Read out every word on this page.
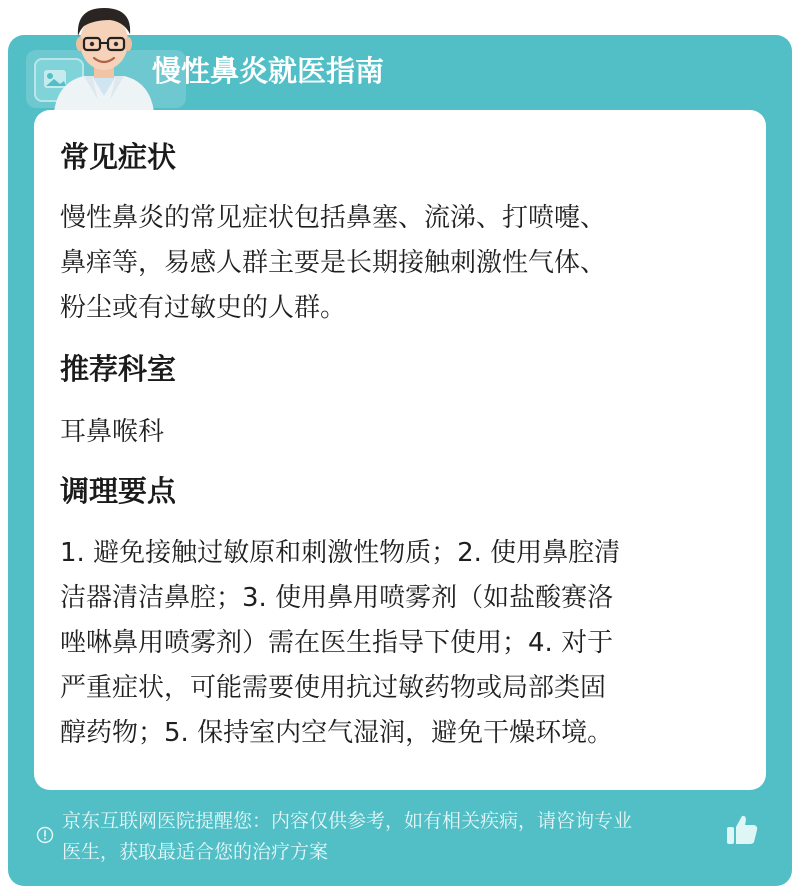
慢性鼻炎就医指南
常见症状
慢性鼻炎的常见症状包括鼻塞、流涕、打喷嚏、
鼻痒等，易感人群主要是长期接触刺激性气体、
粉尘或有过敏史的人群。
推荐科室
耳鼻喉科
调理要点
1. 避免接触过敏原和刺激性物质；2. 使用鼻腔清
洁器清洁鼻腔；3. 使用鼻用喷雾剂（如盐酸赛洛
唑啉鼻用喷雾剂）需在医生指导下使用；4. 对于
严重症状，可能需要使用抗过敏药物或局部类固
醇药物；5. 保持室内空气湿润，避免干燥环境。
京东互联网医院提醒您：内容仅供参考，如有相关疾病，请咨询专业
医生，获取最适合您的治疗方案
